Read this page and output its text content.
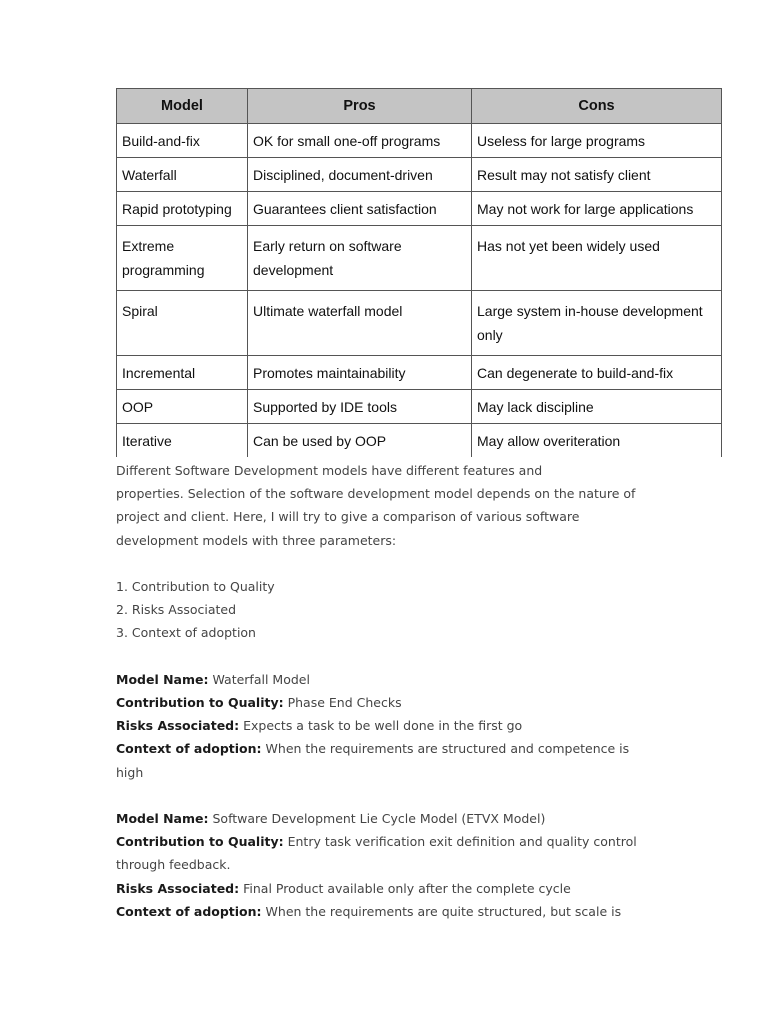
Model	Pros	Cons
Build-and-fix	OK for small one-off programs	Useless for large programs
Waterfall	Disciplined, document-driven	Result may not satisfy client
Rapid prototyping	Guarantees client satisfaction	May not work for large applications
Extreme programming	Early return on software development	Has not yet been widely used
Spiral	Ultimate waterfall model	Large system in-house development only
Incremental	Promotes maintainability	Can degenerate to build-and-fix
OOP	Supported by IDE tools	May lack discipline
Iterative	Can be used by OOP	May allow overiteration

Different Software Development models have different features and

properties. Selection of the software development model depends on the nature of

project and client. Here, I will try to give a comparison of various software

development models with three parameters:

1. Contribution to Quality

2. Risks Associated

3. Context of adoption

Model Name: Waterfall Model

Contribution to Quality: Phase End Checks

Risks Associated: Expects a task to be well done in the first go

Context of adoption: When the requirements are structured and competence is

high

Model Name: Software Development Lie Cycle Model (ETVX Model)

Contribution to Quality: Entry task verification exit definition and quality control

through feedback.

Risks Associated: Final Product available only after the complete cycle

Context of adoption: When the requirements are quite structured, but scale is
